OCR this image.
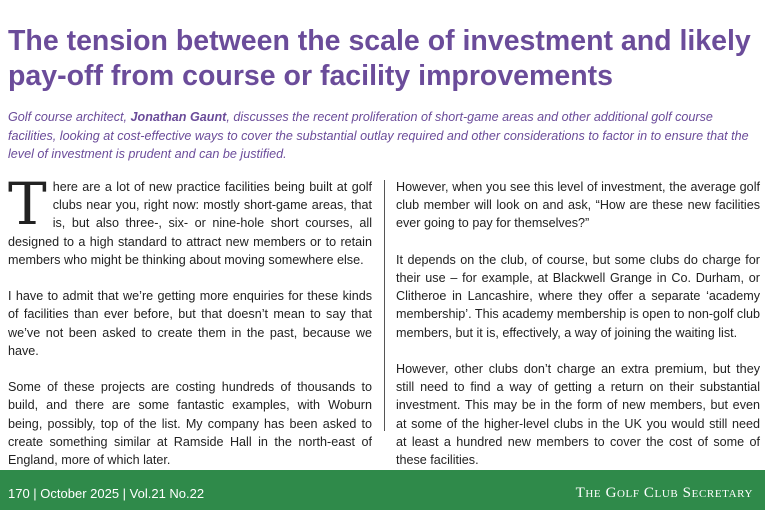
The tension between the scale of investment and likely pay-off from course or facility improvements

Golf course architect, Jonathan Gaunt, discusses the recent proliferation of short-game areas and other additional golf course facilities, looking at cost-effective ways to cover the substantial outlay required and other considerations to factor in to ensure that the level of investment is prudent and can be justified.

There are a lot of new practice facilities being built at golf clubs near you, right now: mostly short-game areas, that is, but also three-, six- or nine-hole short courses, all designed to a high standard to attract new members or to retain members who might be thinking about moving somewhere else.

I have to admit that we’re getting more enquiries for these kinds of facilities than ever before, but that doesn’t mean to say that we’ve not been asked to create them in the past, because we have.

Some of these projects are costing hundreds of thousands to build, and there are some fantastic examples, with Woburn being, possibly, top of the list. My company has been asked to create something similar at Ramside Hall in the north-east of England, more of which later.

However, when you see this level of investment, the average golf club member will look on and ask, “How are these new facilities ever going to pay for themselves?”

It depends on the club, of course, but some clubs do charge for their use – for example, at Blackwell Grange in Co. Durham, or Clitheroe in Lancashire, where they offer a separate ‘academy membership’. This academy membership is open to non-golf club members, but it is, effectively, a way of joining the waiting list.

However, other clubs don’t charge an extra premium, but they still need to find a way of getting a return on their substantial investment. This may be in the form of new members, but even at some of the higher-level clubs in the UK you would still need at least a hundred new members to cover the cost of some of these facilities.

170 | October 2025 | Vol.21 No.22	The Golf Club Secretary
